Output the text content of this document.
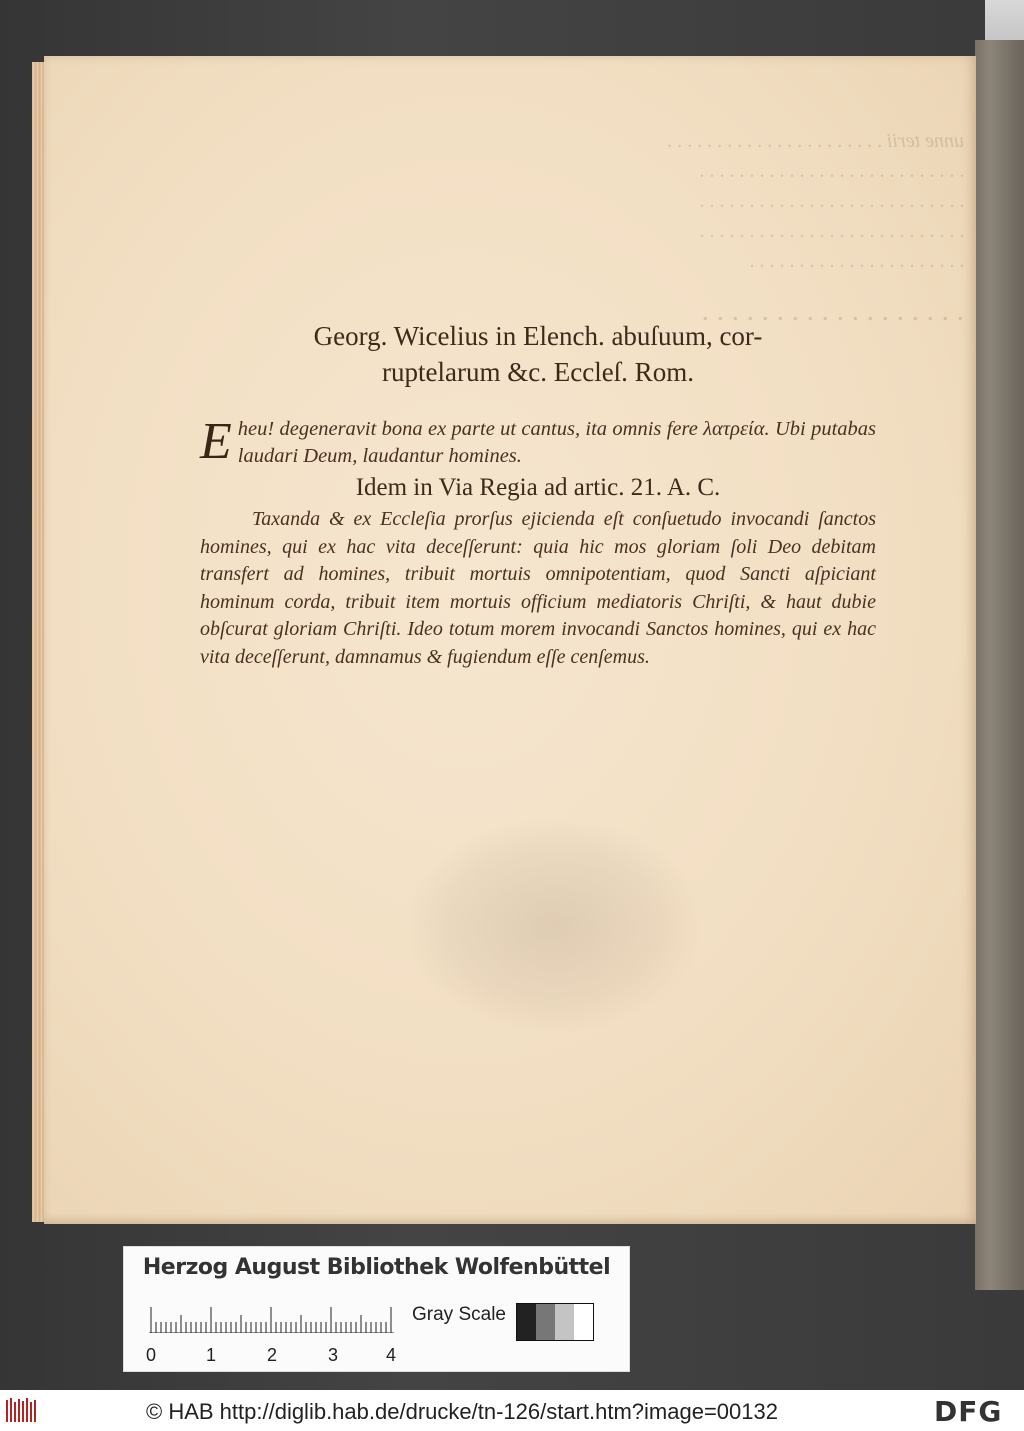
unne terii . . . . . . . . . . . . . . . . . . . . . .
. . . . . . . . . . . . . . . . . . . . . . . . . . .
. . . . . . . . . . . . . . . . . . . . . . . . . . .
. . . . . . . . . . . . . . . . . . . . . . . . . . .
. . . . . . . . . . . . . . . . . . . . . .
. . . . . . . . . . . . . . . . . .

Georg. Wicelius in Elench. abuſuum, cor-
ruptelarum &c. Eccleſ. Rom.

Eheu! degeneravit bona ex parte ut cantus, ita omnis fere λατρεία. Ubi putabas laudari Deum, laudantur homines.

Idem in Via Regia ad artic. 21. A. C.

Taxanda & ex Eccleſia prorſus ejicienda eſt conſuetudo invocandi ſanctos homines, qui ex hac vita deceſſerunt: quia hic mos gloriam ſoli Deo debitam transfert ad homines, tribuit mortuis omnipotentiam, quod Sancti aſpiciant hominum corda, tribuit item mortuis officium mediatoris Chriſti, & haut dubie obſcurat gloriam Chriſti. Ideo totum morem invocandi Sanctos homines, qui ex hac vita deceſſerunt, damnamus & fugiendum eſſe cenſemus.

Herzog August Bibliothek Wolfenbüttel
0	1	2	3	4
Gray Scale
© HAB http://diglib.hab.de/drucke/tn-126/start.htm?image=00132	DFG
